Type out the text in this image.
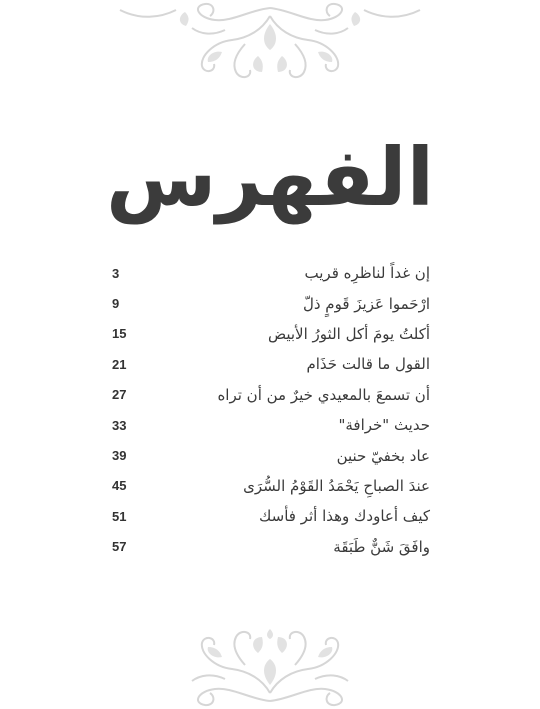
الفهرس
3	إن غداً لناظرِه قريب
9	ارْحَموا عَزيزَ قَومٍ ذلّ
15	أكلتُ يومَ أكل الثورُ الأبيض
21	القول ما قالت حَذَام
27	أن تسمعَ بالمعيدي خيرٌ من أن تراه
33	حديث "خرافة"
39	عاد بخفيّ حنين
45	عندَ الصباحِ يَحْمَدُ القَوْمُ السُّرَى
51	كيف أعاودك وهذا أثر فأسك
57	وافَقَ شَنٌّ طَبَقَة
